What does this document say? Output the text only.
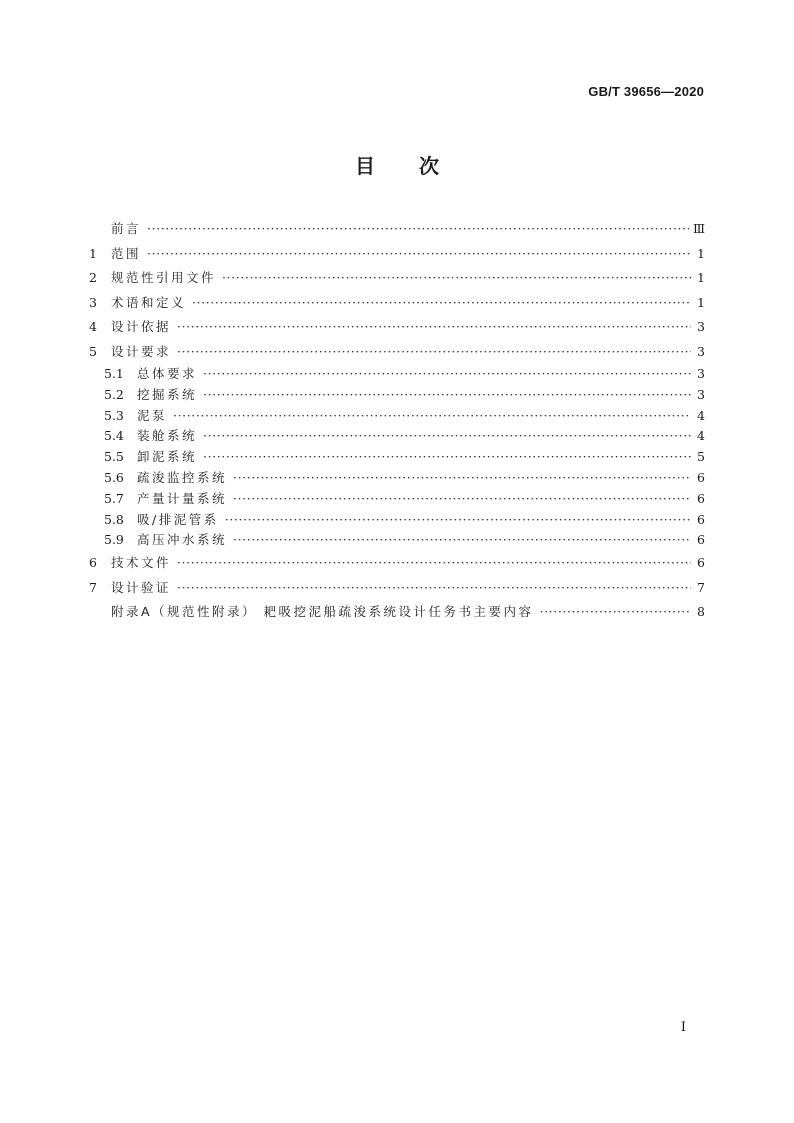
GB/T 39656—2020
目次
前言 ·····	Ⅲ
1	范围 ·····	1
2	规范性引用文件 ·····	1
3	术语和定义 ·····	1
4	设计依据 ·····	3
5	设计要求 ·····	3
5.1	总体要求 ·····	3
5.2	挖掘系统 ·····	3
5.3	泥泵 ·····	4
5.4	装舱系统 ·····	4
5.5	卸泥系统 ·····	5
5.6	疏浚监控系统 ·····	6
5.7	产量计量系统 ·····	6
5.8	吸/排泥管系 ·····	6
5.9	高压冲水系统 ·····	6
6	技术文件 ·····	6
7	设计验证 ·····	7
附录A（规范性附录） 耙吸挖泥船疏浚系统设计任务书主要内容 ·····	8
Ⅰ
